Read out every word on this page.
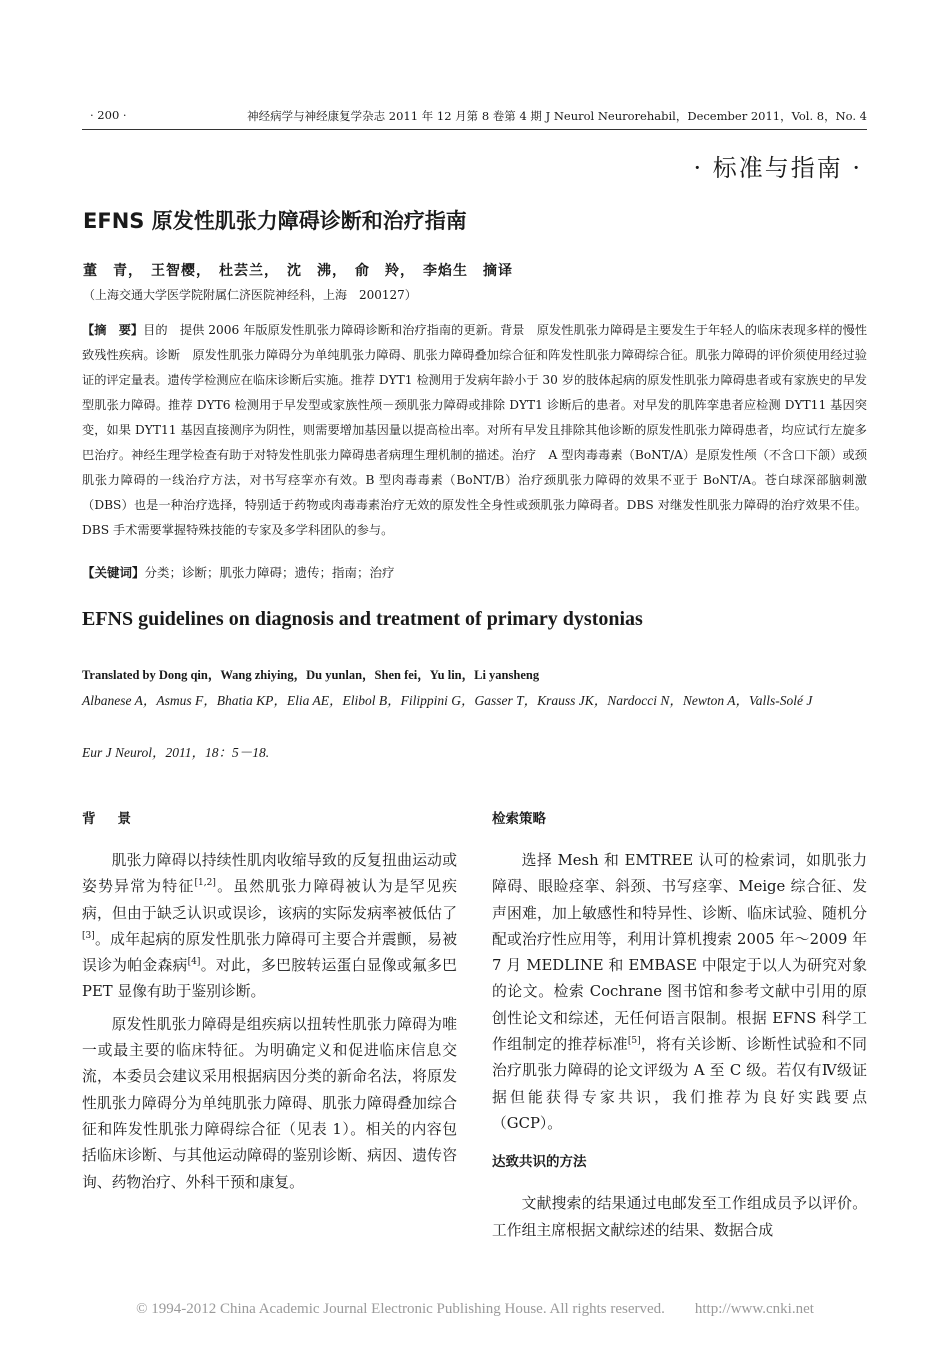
· 200 ·	神经病学与神经康复学杂志 2011 年 12 月第 8 卷第 4 期 J Neurol Neurorehabil，December 2011，Vol. 8，No. 4
· 标准与指南 ·
EFNS 原发性肌张力障碍诊断和治疗指南
董　青，　王智樱，　杜芸兰，　沈　沸，　俞　羚，　李焰生　摘译
（上海交通大学医学院附属仁济医院神经科，上海　200127）
【摘　要】目的　提供 2006 年版原发性肌张力障碍诊断和治疗指南的更新。背景　原发性肌张力障碍是主要发生于年轻人的临床表现多样的慢性致残性疾病。诊断　原发性肌张力障碍分为单纯肌张力障碍、肌张力障碍叠加综合征和阵发性肌张力障碍综合征。肌张力障碍的评价须使用经过验证的评定量表。遗传学检测应在临床诊断后实施。推荐 DYT1 检测用于发病年龄小于 30 岁的肢体起病的原发性肌张力障碍患者或有家族史的早发型肌张力障碍。推荐 DYT6 检测用于早发型或家族性颅－颈肌张力障碍或排除 DYT1 诊断后的患者。对早发的肌阵挛患者应检测 DYT11 基因突变，如果 DYT11 基因直接测序为阴性，则需要增加基因量以提高检出率。对所有早发且排除其他诊断的原发性肌张力障碍患者，均应试行左旋多巴治疗。神经生理学检查有助于对特发性肌张力障碍患者病理生理机制的描述。治疗　A 型肉毒毒素（BoNT/A）是原发性颅（不含口下颌）或颈肌张力障碍的一线治疗方法，对书写痉挛亦有效。B 型肉毒毒素（BoNT/B）治疗颈肌张力障碍的效果不亚于 BoNT/A。苍白球深部脑刺激（DBS）也是一种治疗选择，特别适于药物或肉毒毒素治疗无效的原发性全身性或颈肌张力障碍者。DBS 对继发性肌张力障碍的治疗效果不佳。DBS 手术需要掌握特殊技能的专家及多学科团队的参与。
【关键词】分类；诊断；肌张力障碍；遗传；指南；治疗
EFNS guidelines on diagnosis and treatment of primary dystonias
Translated by Dong qin，Wang zhiying，Du yunlan，Shen fei，Yu lin，Li yansheng
Albanese A，Asmus F，Bhatia KP，Elia AE，Elibol B，Filippini G，Gasser T，Krauss JK，Nardocci N，Newton A，Valls-Solé J
Eur J Neurol，2011，18：5－18.
背景
肌张力障碍以持续性肌肉收缩导致的反复扭曲运动或姿势异常为特征[1,2]。虽然肌张力障碍被认为是罕见疾病，但由于缺乏认识或误诊，该病的实际发病率被低估了[3]。成年起病的原发性肌张力障碍可主要合并震颤，易被误诊为帕金森病[4]。对此，多巴胺转运蛋白显像或氟多巴 PET 显像有助于鉴别诊断。
原发性肌张力障碍是组疾病以扭转性肌张力障碍为唯一或最主要的临床特征。为明确定义和促进临床信息交流，本委员会建议采用根据病因分类的新命名法，将原发性肌张力障碍分为单纯肌张力障碍、肌张力障碍叠加综合征和阵发性肌张力障碍综合征（见表 1）。相关的内容包括临床诊断、与其他运动障碍的鉴别诊断、病因、遗传咨询、药物治疗、外科干预和康复。
检索策略
选择 Mesh 和 EMTREE 认可的检索词，如肌张力障碍、眼睑痉挛、斜颈、书写痉挛、Meige 综合征、发声困难，加上敏感性和特异性、诊断、临床试验、随机分配或治疗性应用等，利用计算机搜索 2005 年～2009 年 7 月 MEDLINE 和 EMBASE 中限定于以人为研究对象的论文。检索 Cochrane 图书馆和参考文献中引用的原创性论文和综述，无任何语言限制。根据 EFNS 科学工作组制定的推荐标准[5]，将有关诊断、诊断性试验和不同治疗肌张力障碍的论文评级为 A 至 C 级。若仅有Ⅳ级证据但能获得专家共识，我们推荐为良好实践要点（GCP）。
达致共识的方法
文献搜索的结果通过电邮发至工作组成员予以评价。工作组主席根据文献综述的结果、数据合成
© 1994-2012 China Academic Journal Electronic Publishing House. All rights reserved.　　http://www.cnki.net
